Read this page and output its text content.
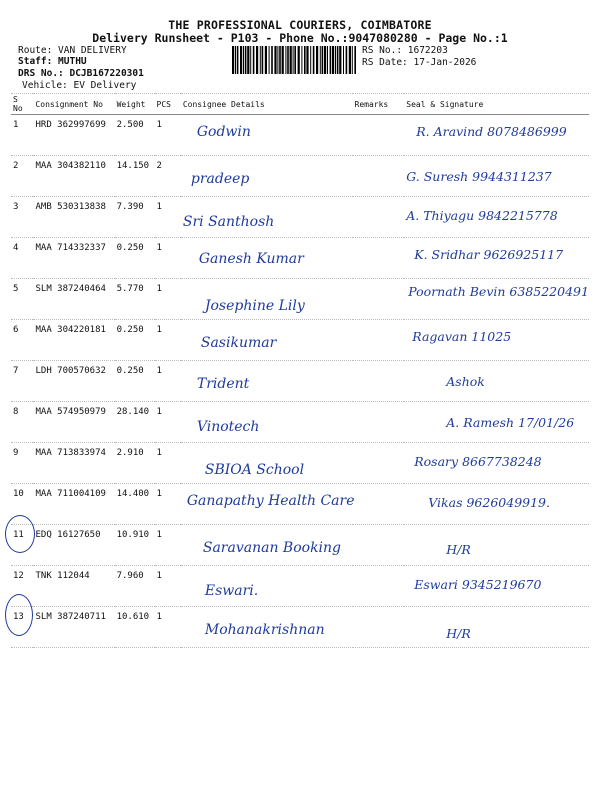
THE PROFESSIONAL COURIERS, COIMBATORE
Delivery Runsheet - P103 - Phone No.:9047080280 - Page No.:1
Route: VAN DELIVERY
Staff: MUTHU
DRS No.: DCJB167220301
Vehicle: EV Delivery
RS No.: 1672203
RS Date: 17-Jan-2026
S No	Consignment No	Weight	PCS	Consignee Details	Remarks	Seal & Signature
1	HRD 362997699	2.500	1	Godwin		R. Aravind 8078486999
2	MAA 304382110	14.150	2	pradeep		G. Suresh 9944311237
3	AMB 530313838	7.390	1	Sri Santhosh		A. Thiyagu 9842215778
4	MAA 714332337	0.250	1	Ganesh Kumar		K. Sridhar 9626925117
5	SLM 387240464	5.770	1	Josephine Lily		Poornath Bevin 6385220491
6	MAA 304220181	0.250	1	Sasikumar		Ragavan 11025
7	LDH 700570632	0.250	1	Trident		Ashok
8	MAA 574950979	28.140	1	Vinotech		A. Ramesh 17/01/26
9	MAA 713833974	2.910	1	SBIOA School		Rosary 8667738248
10	MAA 711004109	14.400	1	Ganapathy Health Care		Vikas 9626049919.
11	EDQ 16127650	10.910	1	Saravanan Booking		H/R
12	TNK 112044	7.960	1	Eswari.		Eswari 9345219670
13	SLM 387240711	10.610	1	Mohanakrishnan		H/R
